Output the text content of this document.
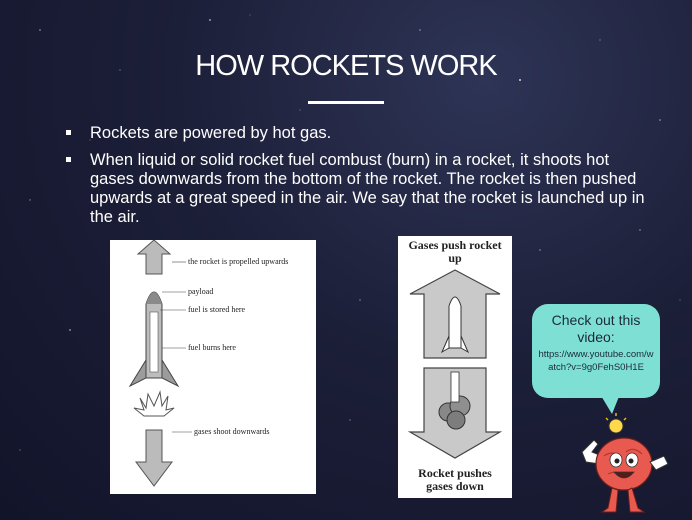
HOW ROCKETS WORK
Rockets are powered by hot gas.
When liquid or solid rocket fuel combust (burn) in a rocket, it shoots hot gases downwards from the bottom of the rocket. The rocket is then pushed upwards at a great speed in the air. We say that the rocket is launched up in the air.
the rocket is propelled upwards
payload
fuel is stored here
fuel burns here
gases shoot downwards
Gases push rocket up
Rocket pushes gases down
Check out this video:
https://www.youtube.com/watch?v=9g0FehS0H1E
